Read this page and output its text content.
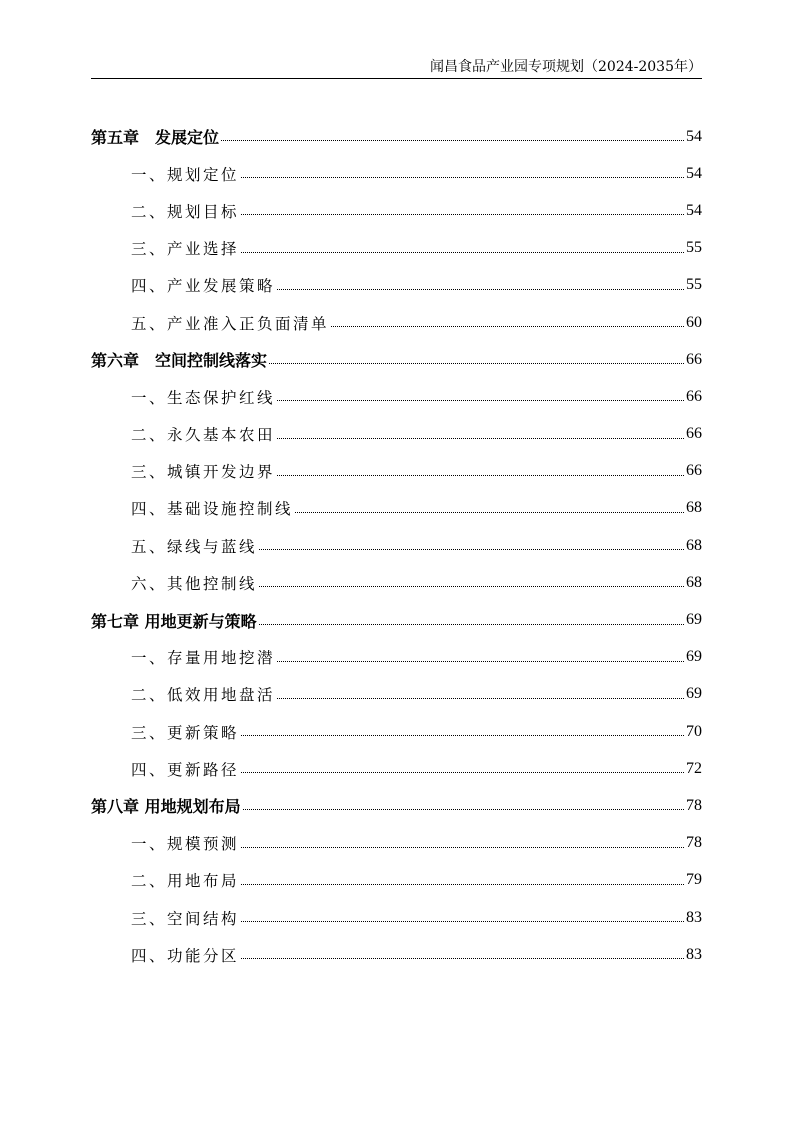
闻昌食品产业园专项规划（2024-2035年）
第五章　发展定位	54
一、规划定位	54
二、规划目标	54
三、产业选择	55
四、产业发展策略	55
五、产业准入正负面清单	60
第六章　空间控制线落实	66
一、生态保护红线	66
二、永久基本农田	66
三、城镇开发边界	66
四、基础设施控制线	68
五、绿线与蓝线	68
六、其他控制线	68
第七章 用地更新与策略	69
一、存量用地挖潜	69
二、低效用地盘活	69
三、更新策略	70
四、更新路径	72
第八章 用地规划布局	78
一、规模预测	78
二、用地布局	79
三、空间结构	83
四、功能分区	83
